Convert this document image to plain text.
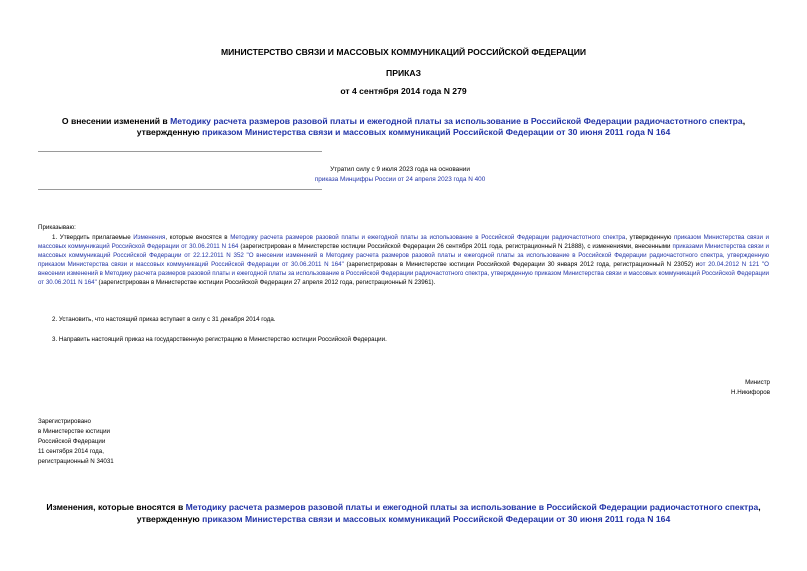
МИНИСТЕРСТВО СВЯЗИ И МАССОВЫХ КОММУНИКАЦИЙ РОССИЙСКОЙ ФЕДЕРАЦИИ
ПРИКАЗ
от 4 сентября 2014 года N 279
О внесении изменений в Методику расчета размеров разовой платы и ежегодной платы за использование в Российской Федерации радиочастотного спектра, утвержденную приказом Министерства связи и массовых коммуникаций Российской Федерации от 30 июня 2011 года N 164
Утратил силу с 9 июля 2023 года на основании
приказа Минцифры России от 24 апреля 2023 года N 400
Приказываю:
1. Утвердить прилагаемые Изменения, которые вносятся в Методику расчета размеров разовой платы и ежегодной платы за использование в Российской Федерации радиочастотного спектра, утвержденную приказом Министерства связи и массовых коммуникаций Российской Федерации от 30.06.2011 N 164 (зарегистрирован в Министерстве юстиции Российской Федерации 26 сентября 2011 года, регистрационный N 21888), с изменениями, внесенными приказами Министерства связи и массовых коммуникаций Российской Федерации от 22.12.2011 N 352 "О внесении изменений в Методику расчета размеров разовой платы и ежегодной платы за использование в Российской Федерации радиочастотного спектра, утвержденную приказом Министерства связи и массовых коммуникаций Российской Федерации от 30.06.2011 N 164" (зарегистрирован в Министерстве юстиции Российской Федерации 30 января 2012 года, регистрационный N 23052) иот 20.04.2012 N 121 "О внесении изменений в Методику расчета размеров разовой платы и ежегодной платы за использование в Российской Федерации радиочастотного спектра, утвержденную приказом Министерства связи и массовых коммуникаций Российской Федерации от 30.06.2011 N 164" (зарегистрирован в Министерстве юстиции Российской Федерации 27 апреля 2012 года, регистрационный N 23961).
2. Установить, что настоящий приказ вступает в силу с 31 декабря 2014 года.
3. Направить настоящий приказ на государственную регистрацию в Министерство юстиции Российской Федерации.
Министр
Н.Никифоров
Зарегистрировано
в Министерстве юстиции
Российской Федерации
11 сентября 2014 года,
регистрационный N 34031
Изменения, которые вносятся в Методику расчета размеров разовой платы и ежегодной платы за использование в Российской Федерации радиочастотного спектра, утвержденную приказом Министерства связи и массовых коммуникаций Российской Федерации от 30 июня 2011 года N 164
